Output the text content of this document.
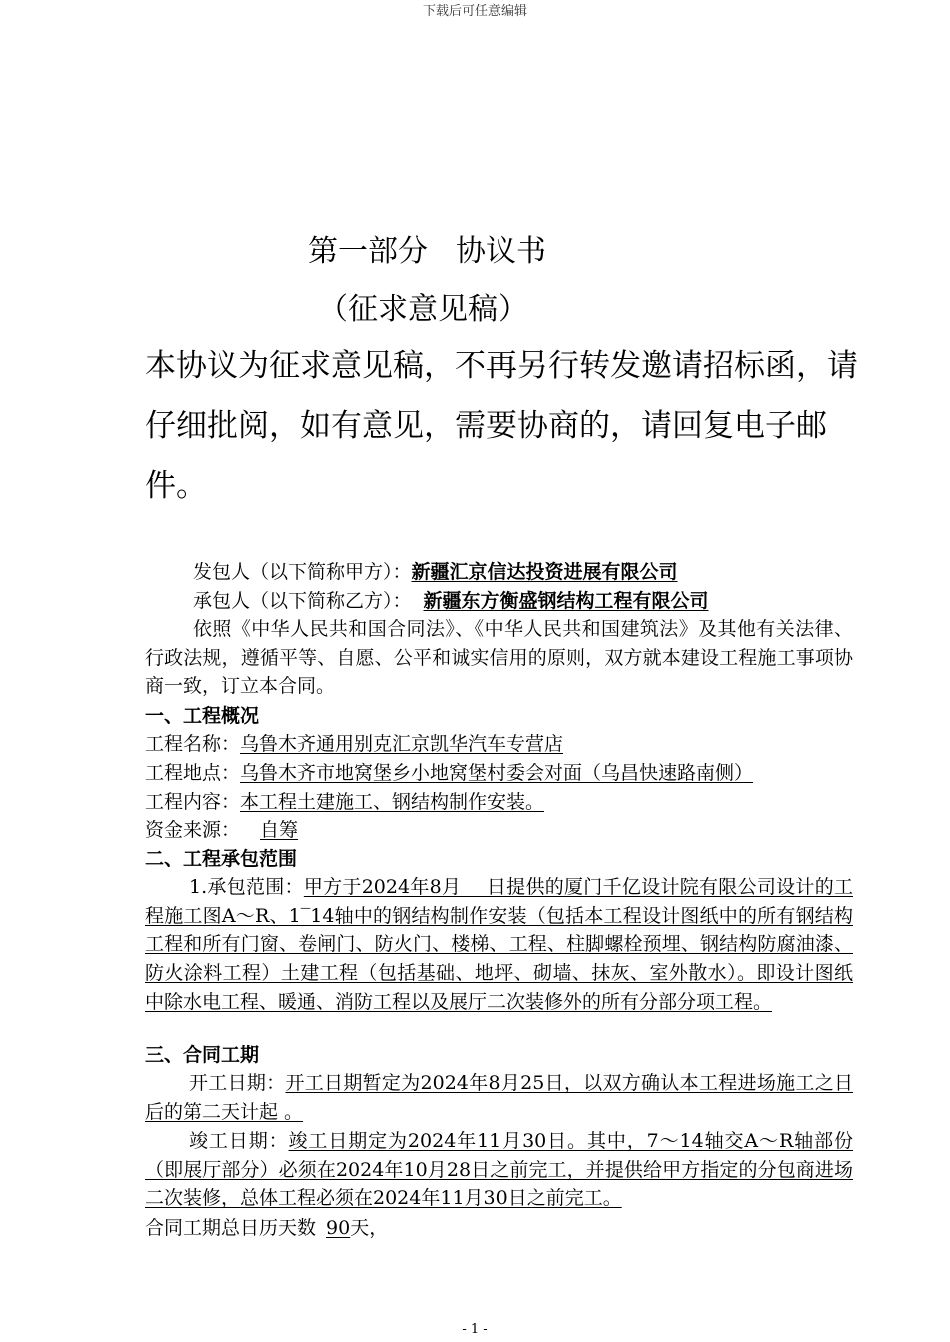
下载后可任意编辑
第一部分 协议书
（征求意见稿）
本协议为征求意见稿，不再另行转发邀请招标函，请仔细批阅，如有意见，需要协商的，请回复电子邮件。
发包人（以下简称甲方）：新疆汇京信达投资进展有限公司
承包人（以下简称乙方）： 新疆东方衡盛钢结构工程有限公司
依照《中华人民共和国合同法》、《中华人民共和国建筑法》及其他有关法律、行政法规，遵循平等、自愿、公平和诚实信用的原则，双方就本建设工程施工事项协商一致，订立本合同。
一、工程概况
工程名称：乌鲁木齐通用别克汇京凯华汽车专营店
工程地点：乌鲁木齐市地窝堡乡小地窝堡村委会对面（乌昌快速路南侧）
工程内容：本工程土建施工、钢结构制作安装。
资金来源： 自筹
二、工程承包范围
1.承包范围：甲方于2024年8月　 日提供的厦门千亿设计院有限公司设计的工程施工图A～R、1‾14轴中的钢结构制作安装（包括本工程设计图纸中的所有钢结构工程和所有门窗、卷闸门、防火门、楼梯、工程、柱脚螺栓预埋、钢结构防腐油漆、防火涂料工程）土建工程（包括基础、地坪、砌墙、抹灰、室外散水）。即设计图纸中除水电工程、暖通、消防工程以及展厅二次装修外的所有分部分项工程。
三、合同工期
开工日期：开工日期暂定为2024年8月25日，以双方确认本工程进场施工之日后的第二天计起 。
竣工日期：竣工日期定为2024年11月30日。其中，7～14轴交A～R轴部份（即展厅部分）必须在2024年10月28日之前完工，并提供给甲方指定的分包商进场二次装修，总体工程必须在2024年11月30日之前完工。
合同工期总日历天数 90天，
- 1 -
